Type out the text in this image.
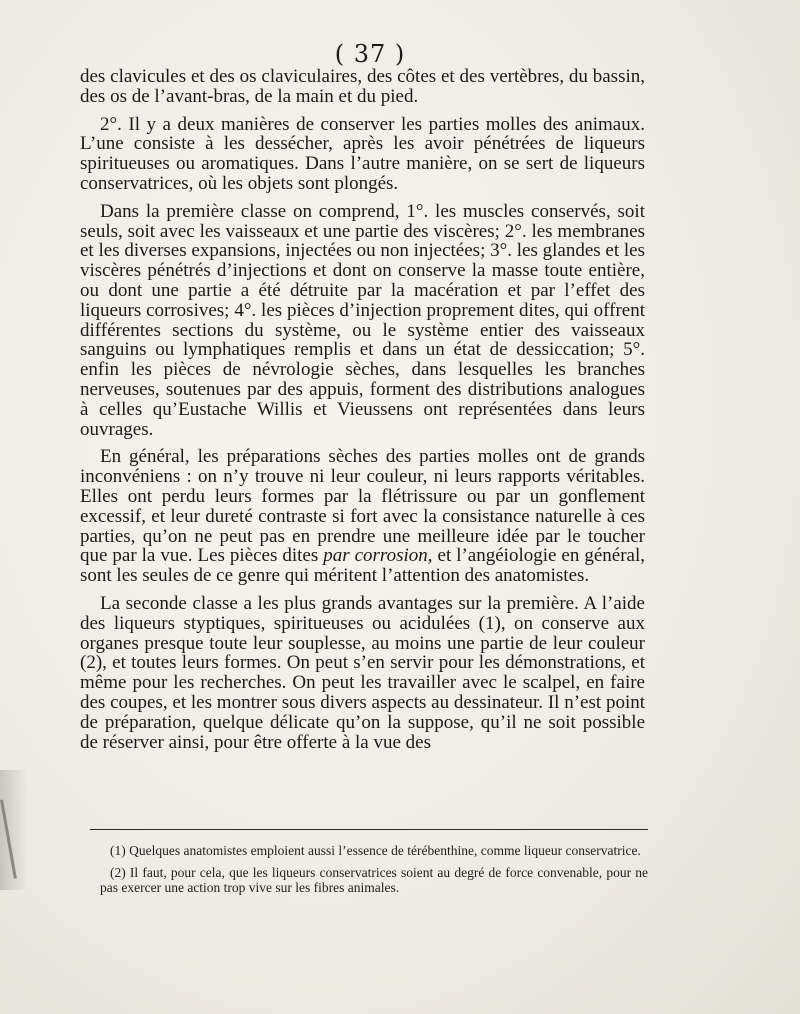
( 37 )

des clavicules et des os claviculaires, des côtes et des vertèbres, du bassin, des os de l’avant-bras, de la main et du pied.

2°. Il y a deux manières de conserver les parties molles des animaux. L’une consiste à les dessécher, après les avoir pénétrées de liqueurs spiritueuses ou aromatiques. Dans l’autre manière, on se sert de liqueurs conservatrices, où les objets sont plongés.

Dans la première classe on comprend, 1°. les muscles conservés, soit seuls, soit avec les vaisseaux et une partie des viscères; 2°. les membranes et les diverses expansions, injectées ou non injectées; 3°. les glandes et les viscères pénétrés d’injections et dont on conserve la masse toute entière, ou dont une partie a été détruite par la macération et par l’effet des liqueurs corrosives; 4°. les pièces d’injection proprement dites, qui offrent différentes sections du système, ou le système entier des vaisseaux sanguins ou lymphatiques remplis et dans un état de dessiccation; 5°. enfin les pièces de névrologie sèches, dans lesquelles les branches nerveuses, soutenues par des appuis, forment des distributions analogues à celles qu’Eustache Willis et Vieussens ont représentées dans leurs ouvrages.

En général, les préparations sèches des parties molles ont de grands inconvéniens : on n’y trouve ni leur couleur, ni leurs rapports véritables. Elles ont perdu leurs formes par la flétrissure ou par un gonflement excessif, et leur dureté contraste si fort avec la consistance naturelle à ces parties, qu’on ne peut pas en prendre une meilleure idée par le toucher que par la vue. Les pièces dites par corrosion, et l’angéiologie en général, sont les seules de ce genre qui méritent l’attention des anatomistes.

La seconde classe a les plus grands avantages sur la première. A l’aide des liqueurs styptiques, spiritueuses ou acidulées (1), on conserve aux organes presque toute leur souplesse, au moins une partie de leur couleur (2), et toutes leurs formes. On peut s’en servir pour les démonstrations, et même pour les recherches. On peut les travailler avec le scalpel, en faire des coupes, et les montrer sous divers aspects au dessinateur. Il n’est point de préparation, quelque délicate qu’on la suppose, qu’il ne soit possible de réserver ainsi, pour être offerte à la vue des

(1) Quelques anatomistes emploient aussi l’essence de térébenthine, comme liqueur conservatrice.

(2) Il faut, pour cela, que les liqueurs conservatrices soient au degré de force convenable, pour ne pas exercer une action trop vive sur les fibres animales.
